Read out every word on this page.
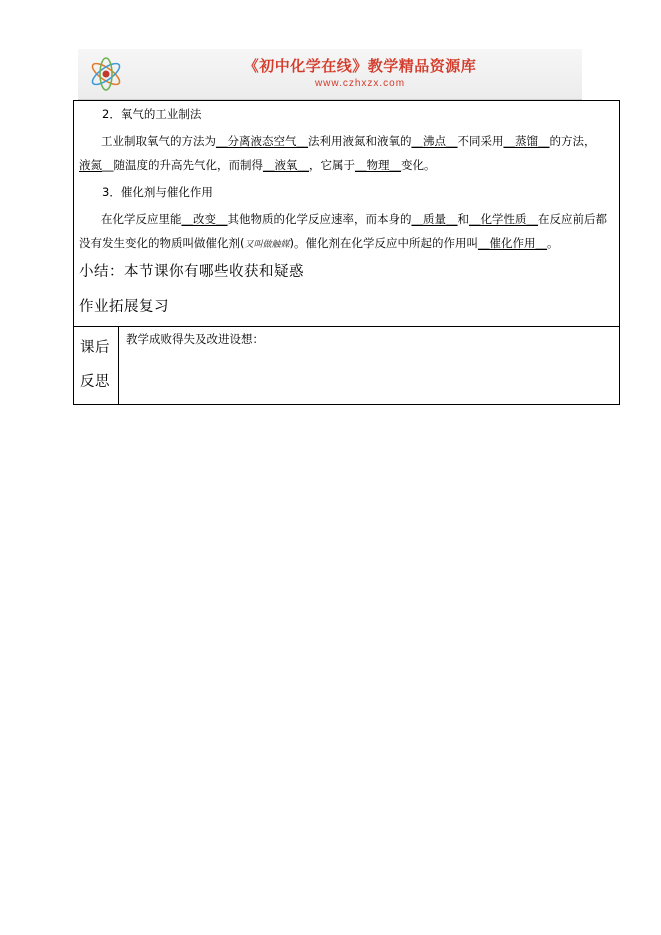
《初中化学在线》教学精品资源库
www.czhxzx.com
2．氧气的工业制法
工业制取氧气的方法为__分离液态空气__法利用液氮和液氧的__沸点__不同采用__蒸馏__的方法，
液氮__随温度的升高先气化，而制得__液氧__，它属于__物理__变化。
3．催化剂与催化作用
在化学反应里能__改变__其他物质的化学反应速率，而本身的__质量__和__化学性质__在反应前后都
没有发生变化的物质叫做催化剂(又叫做触媒)。催化剂在化学反应中所起的作用叫__催化作用__。
小结：本节课你有哪些收获和疑惑
作业拓展复习
课后
反思
教学成败得失及改进设想：
